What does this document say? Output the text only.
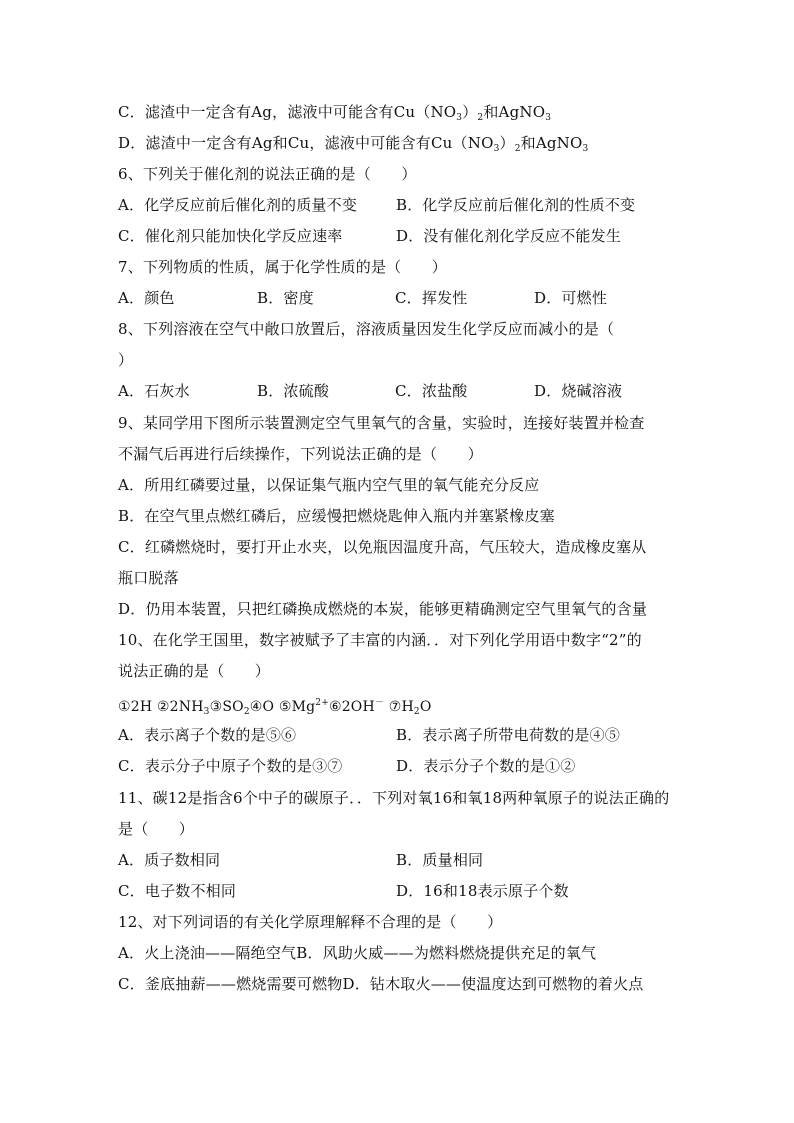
C．滤渣中一定含有Ag，滤液中可能含有$Cu(NO_3)_2$和AgNO$_3$
D．滤渣中一定含有Ag和Cu，滤液中可能含有$Cu(NO_3)_2$和AgNO$_3$
6、下列关于催化剂的说法正确的是（　　）
A．化学反应前后催化剂的质量不变	B．化学反应前后催化剂的性质不变
C．催化剂只能加快化学反应速率	D．没有催化剂化学反应不能发生
7、下列物质的性质，属于化学性质的是（　　）
A．颜色	B．密度	C．挥发性	D．可燃性
8、下列溶液在空气中敞口放置后，溶液质量因发生化学反应而减小的是（
）
A．石灰水	B．浓硫酸	C．浓盐酸	D．烧碱溶液
9、某同学用下图所示装置测定空气里氧气的含量，实验时，连接好装置并检查
不漏气后再进行后续操作，下列说法正确的是（　　）
A．所用红磷要过量，以保证集气瓶内空气里的氧气能充分反应
B．在空气里点燃红磷后，应缓慢把燃烧匙伸入瓶内并塞紧橡皮塞
C．红磷燃烧时，要打开止水夹，以免瓶因温度升高，气压较大，造成橡皮塞从
瓶口脱落
D．仍用本装置，只把红磷换成燃烧的本炭，能够更精确测定空气里氧气的含量
10、在化学王国里，数字被赋予了丰富的内涵．．对下列化学用语中数字“2”的
说法正确的是（　　）
①2H $②2NH_3③SO_2④O$ $⑤Mg^{2+}⑥2OH^-$ $⑦H_2O$
A．表示离子个数的是⑤⑥	B．表示离子所带电荷数的是④⑤
C．表示分子中原子个数的是③⑦	D．表示分子个数的是①②
11、碳12是指含6个中子的碳原子．．下列对氧16和氧18两种氧原子的说法正确的
是（　　）
A．质子数相同	B．质量相同
C．电子数不相同	D．16和18表示原子个数
12、对下列词语的有关化学原理解释不合理的是（　　）
A．火上浇油——隔绝空气B．风助火威——为燃料燃烧提供充足的氧气
C．釜底抽薪——燃烧需要可燃物D．钻木取火——使温度达到可燃物的着火点
